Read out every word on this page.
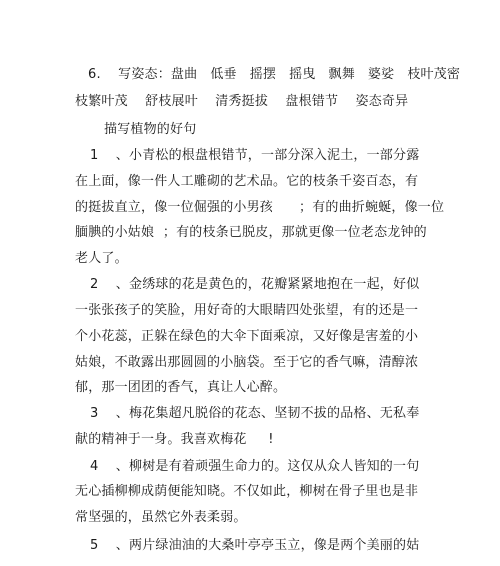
6.    写姿态：盘曲   低垂   摇摆   摇曳   飘舞   婆娑   枝叶茂密
枝繁叶茂    舒枝展叶    清秀挺拔    盘根错节    姿态奇异
描写植物的好句
1    、小青松的根盘根错节，一部分深入泥土，一部分露
在上面，像一件人工雕砌的艺术品。它的枝条千姿百态，有
的挺拔直立，像一位倔强的小男孩      ；有的曲折蜿蜒，像一位
腼腆的小姑娘  ；有的枝条已脱皮，那就更像一位老态龙钟的
老人了。
2    、金绣球的花是黄色的，花瓣紧紧地抱在一起，好似
一张张孩子的笑脸，用好奇的大眼睛四处张望，有的还是一
个小花蕊，正躲在绿色的大伞下面乘凉，又好像是害羞的小
姑娘，不敢露出那圆圆的小脑袋。至于它的香气嘛，清醇浓
郁，那一团团的香气，真让人心醉。
3    、梅花集超凡脱俗的花态、坚韧不拔的品格、无私奉
献的精神于一身。我喜欢梅花     !
4    、柳树是有着顽强生命力的。这仅从众人皆知的一句
无心插柳柳成荫便能知晓。不仅如此，柳树在骨子里也是非
常坚强的，虽然它外表柔弱。
5    、两片绿油油的大桑叶亭亭玉立，像是两个美丽的姑
